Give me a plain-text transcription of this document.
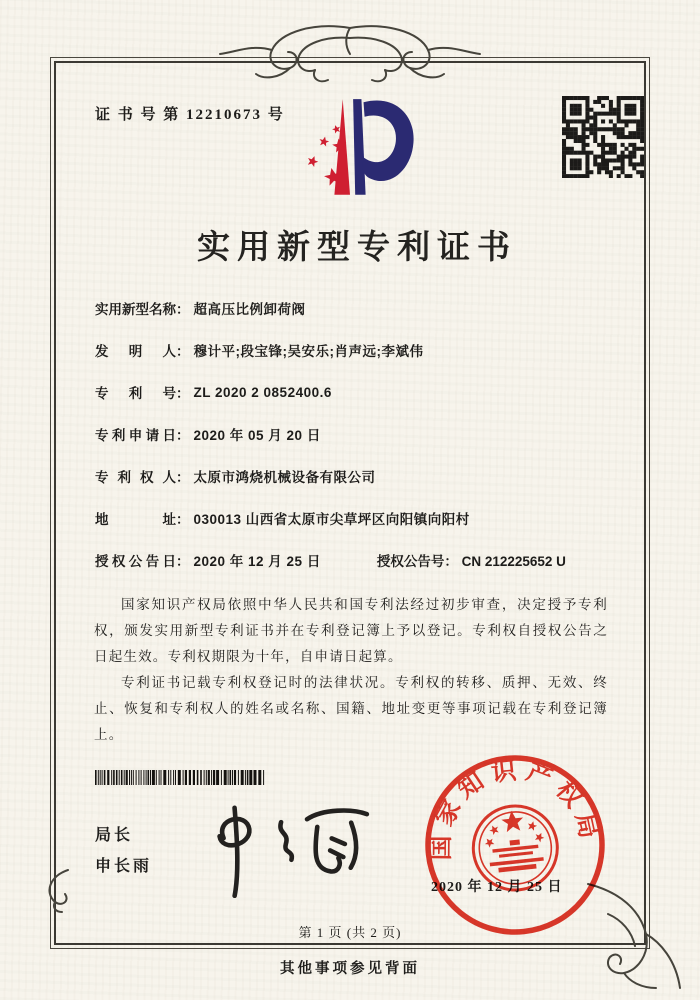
证 书 号 第 12210673 号
实用新型专利证书
实用新型名称 ： 超高压比例卸荷阀
发明人 ： 穆计平;段宝锋;吴安乐;肖声远;李斌伟
专利号 ： ZL 2020 2 0852400.6
专利申请日 ： 2020 年 05 月 20 日
专利权人 ： 太原市鸿烧机械设备有限公司
地址 ： 030013 山西省太原市尖草坪区向阳镇向阳村
授权公告日 ： 2020 年 12 月 25 日	授权公告号： CN 212225652 U

国家知识产权局依照中华人民共和国专利法经过初步审查，决定授予专利权，颁发实用新型专利证书并在专利登记簿上予以登记。专利权自授权公告之日起生效。专利权期限为十年，自申请日起算。

专利证书记载专利权登记时的法律状况。专利权的转移、质押、无效、终止、恢复和专利权人的姓名或名称、国籍、地址变更等事项记载在专利登记簿上。

局长
申长雨
2020 年 12 月 25 日
国家知识产权局
第 1 页 (共 2 页)
其他事项参见背面
